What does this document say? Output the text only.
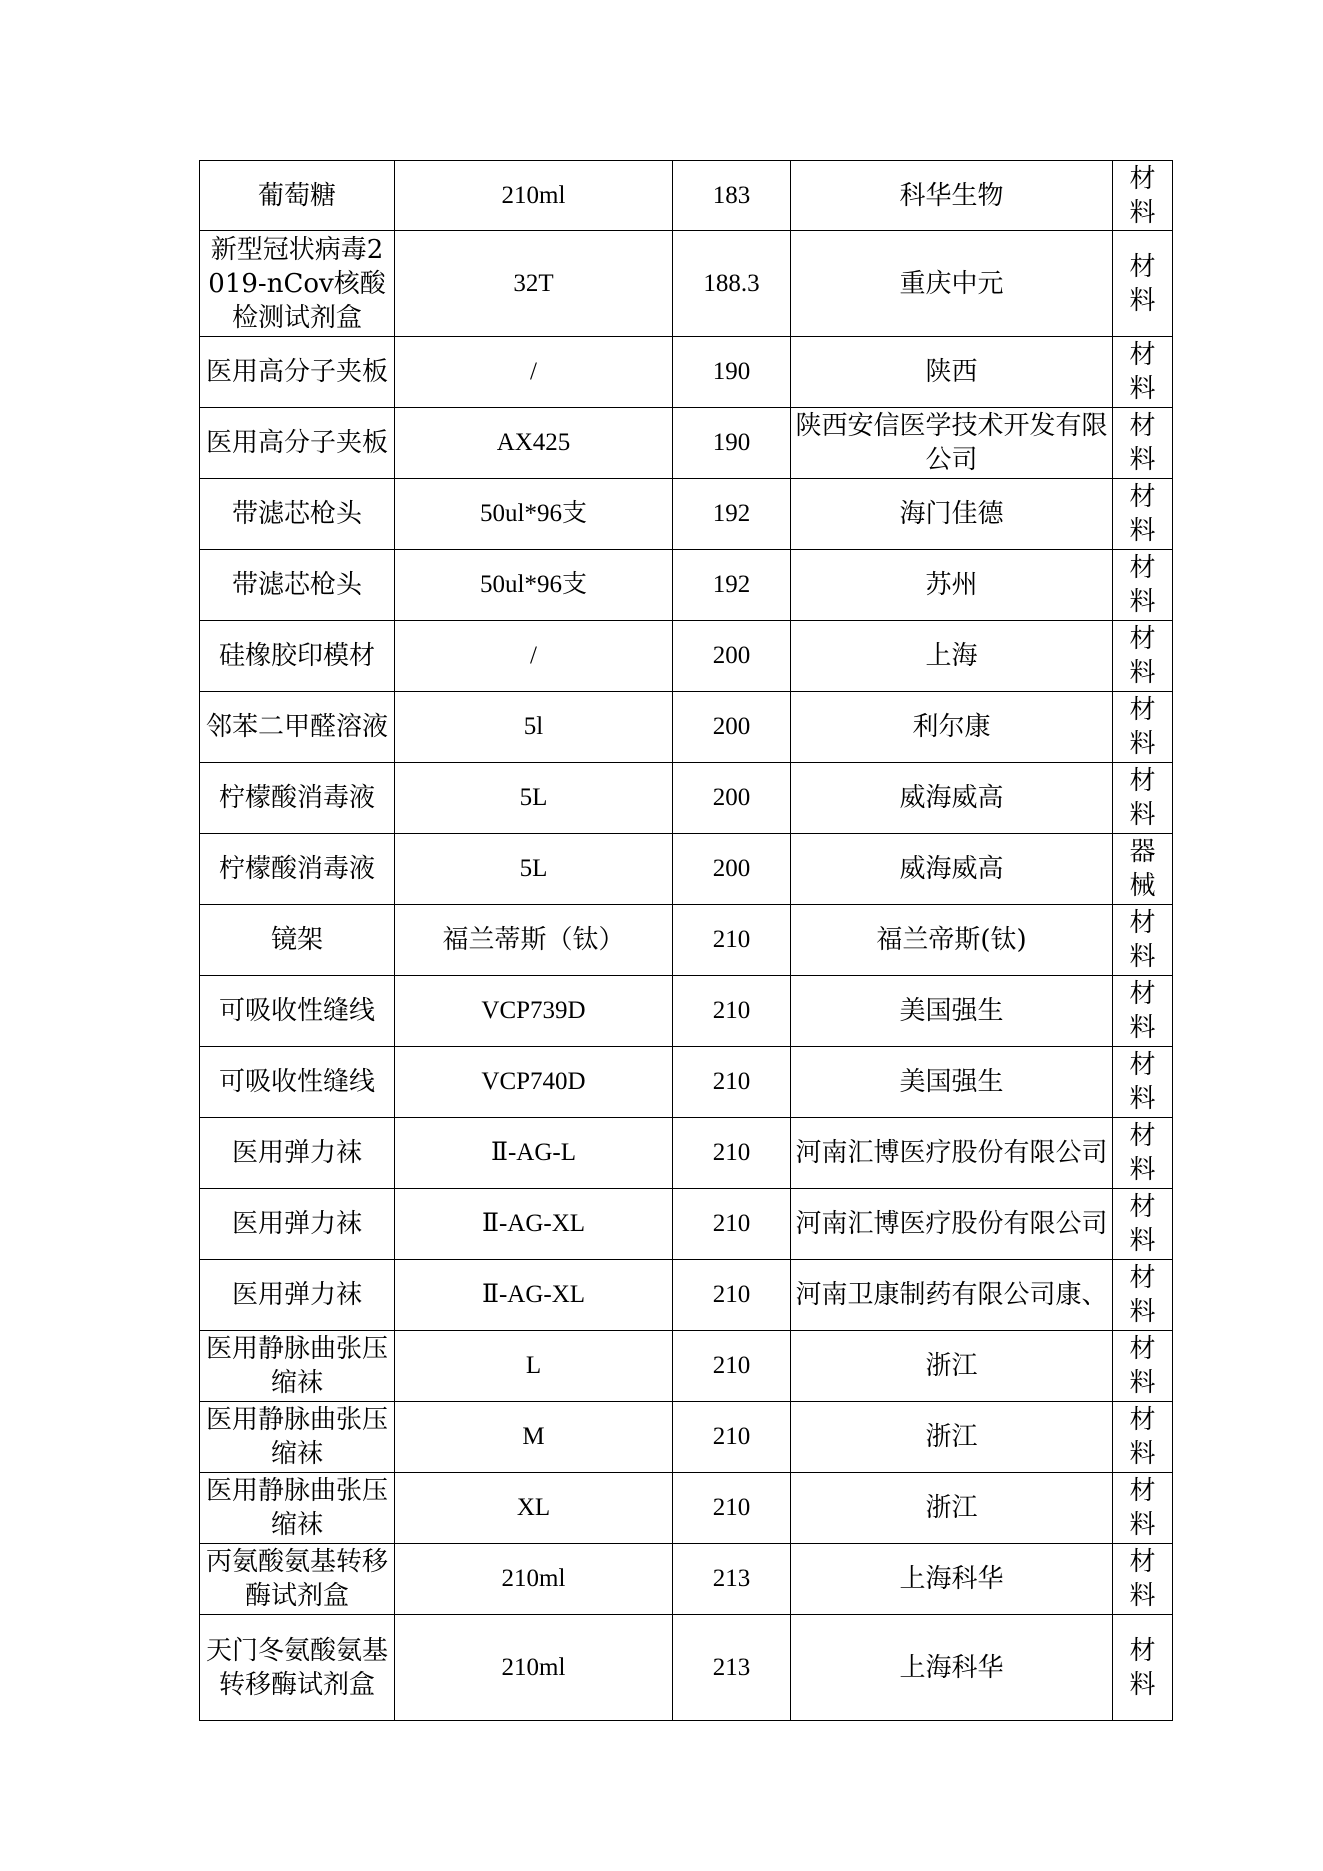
葡萄糖	210ml	183	科华生物	材料
新型冠状病毒2019-nCov核酸检测试剂盒	32T	188.3	重庆中元	材料
医用高分子夹板	/	190	陕西	材料
医用高分子夹板	AX425	190	陕西安信医学技术开发有限公司	材料
带滤芯枪头	50ul*96支	192	海门佳德	材料
带滤芯枪头	50ul*96支	192	苏州	材料
硅橡胶印模材	/	200	上海	材料
邻苯二甲醛溶液	5l	200	利尔康	材料
柠檬酸消毒液	5L	200	威海威高	材料
柠檬酸消毒液	5L	200	威海威高	器械
镜架	福兰蒂斯（钛）	210	福兰帝斯(钛)	材料
可吸收性缝线	VCP739D	210	美国强生	材料
可吸收性缝线	VCP740D	210	美国强生	材料
医用弹力袜	Ⅱ-AG-L	210	河南汇博医疗股份有限公司	材料
医用弹力袜	Ⅱ-AG-XL	210	河南汇博医疗股份有限公司	材料
医用弹力袜	Ⅱ-AG-XL	210	河南卫康制药有限公司康、	材料
医用静脉曲张压缩袜	L	210	浙江	材料
医用静脉曲张压缩袜	M	210	浙江	材料
医用静脉曲张压缩袜	XL	210	浙江	材料
丙氨酸氨基转移酶试剂盒	210ml	213	上海科华	材料
天门冬氨酸氨基转移酶试剂盒	210ml	213	上海科华	材料
